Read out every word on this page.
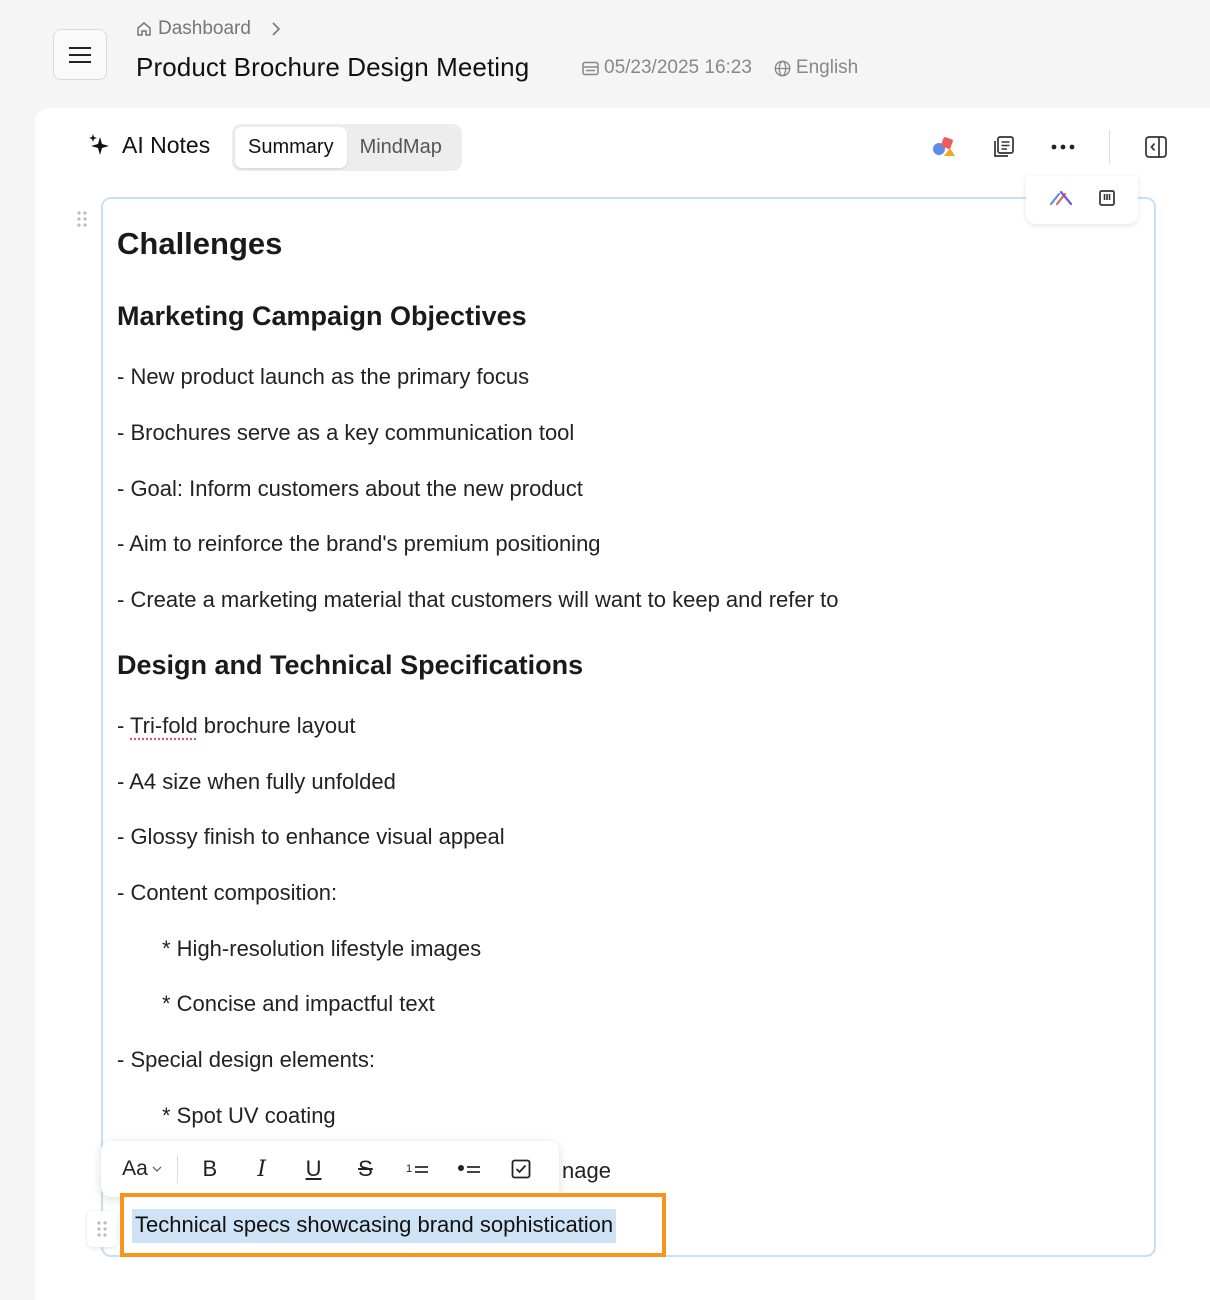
Dashboard
Product Brochure Design Meeting	05/23/2025 16:23 English
AI Notes	Summary	MindMap
Challenges
Marketing Campaign Objectives
- New product launch as the primary focus
- Brochures serve as a key communication tool
- Goal: Inform customers about the new product
- Aim to reinforce the brand's premium positioning
- Create a marketing material that customers will want to keep and refer to
Design and Technical Specifications
- Tri-fold brochure layout
- A4 size when fully unfolded
- Glossy finish to enhance visual appeal
- Content composition:
* High-resolution lifestyle images
* Concise and impactful text
- Special design elements:
* Spot UV coating
nage
Aa	B	I	U	S	1
Technical specs showcasing brand sophistication
